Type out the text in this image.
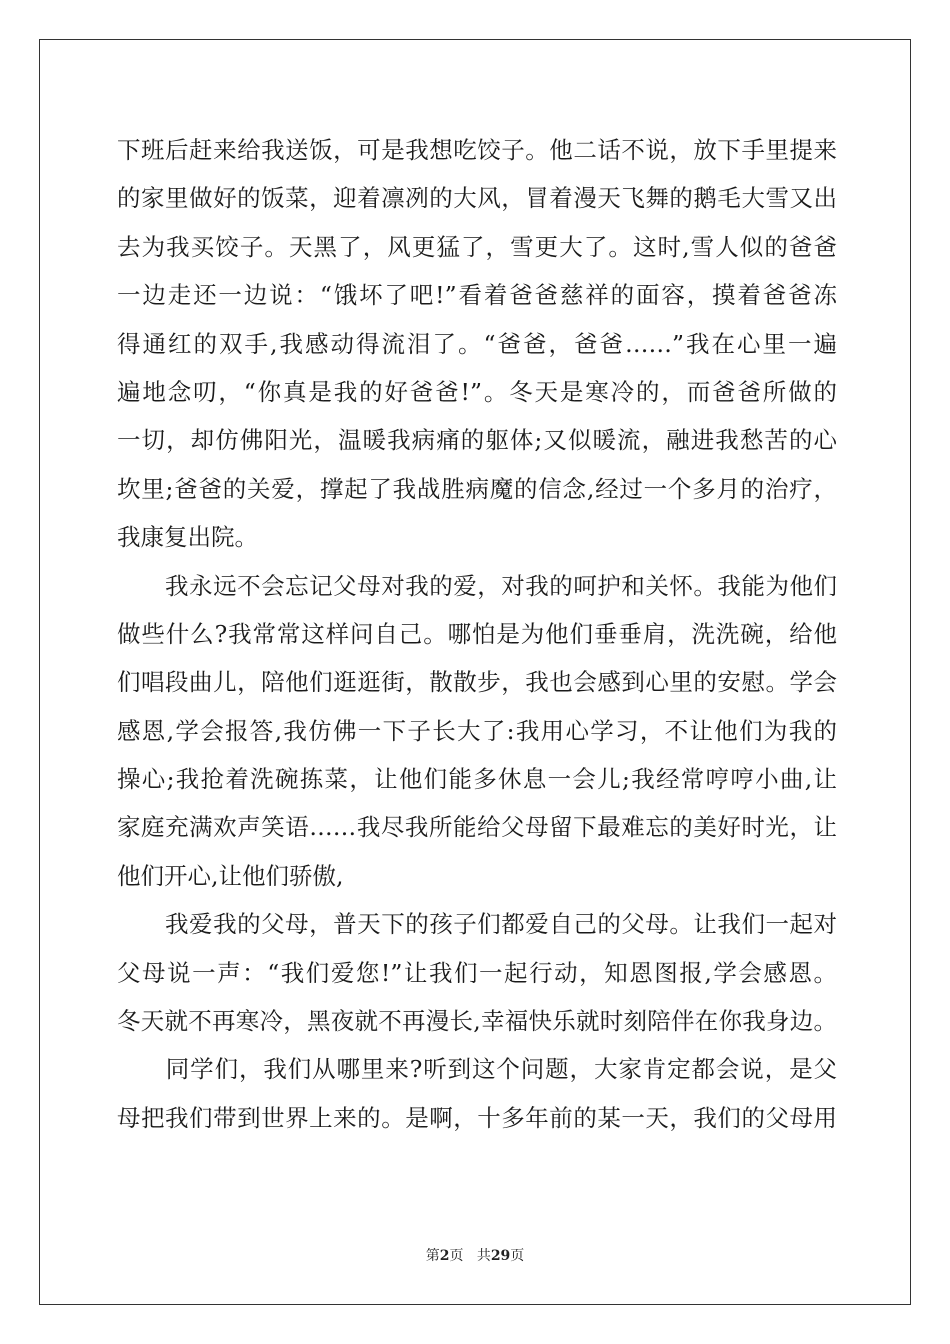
下班后赶来给我送饭，可是我想吃饺子。他二话不说，放下手里提来
的家里做好的饭菜，迎着凛冽的大风，冒着漫天飞舞的鹅毛大雪又出
去为我买饺子。天黑了，风更猛了，雪更大了。这时,雪人似的爸爸
一边走还一边说：“饿坏了吧!”看着爸爸慈祥的面容，摸着爸爸冻
得通红的双手,我感动得流泪了。“爸爸，爸爸……”我在心里一遍
遍地念叨，“你真是我的好爸爸!”。冬天是寒冷的，而爸爸所做的
一切，却仿佛阳光，温暖我病痛的躯体;又似暖流，融进我愁苦的心
坎里;爸爸的关爱，撑起了我战胜病魔的信念,经过一个多月的治疗，
我康复出院。
　　我永远不会忘记父母对我的爱，对我的呵护和关怀。我能为他们
做些什么?我常常这样问自己。哪怕是为他们垂垂肩，洗洗碗，给他
们唱段曲儿，陪他们逛逛街，散散步，我也会感到心里的安慰。学会
感恩,学会报答,我仿佛一下子长大了:我用心学习，不让他们为我的
操心;我抢着洗碗拣菜，让他们能多休息一会儿;我经常哼哼小曲,让
家庭充满欢声笑语……我尽我所能给父母留下最难忘的美好时光，让
他们开心,让他们骄傲,
　　我爱我的父母，普天下的孩子们都爱自己的父母。让我们一起对
父母说一声：“我们爱您!”让我们一起行动，知恩图报,学会感恩。
冬天就不再寒冷，黑夜就不再漫长,幸福快乐就时刻陪伴在你我身边。
　　同学们，我们从哪里来?听到这个问题，大家肯定都会说，是父
母把我们带到世界上来的。是啊，十多年前的某一天，我们的父母用
第2页 共29页
